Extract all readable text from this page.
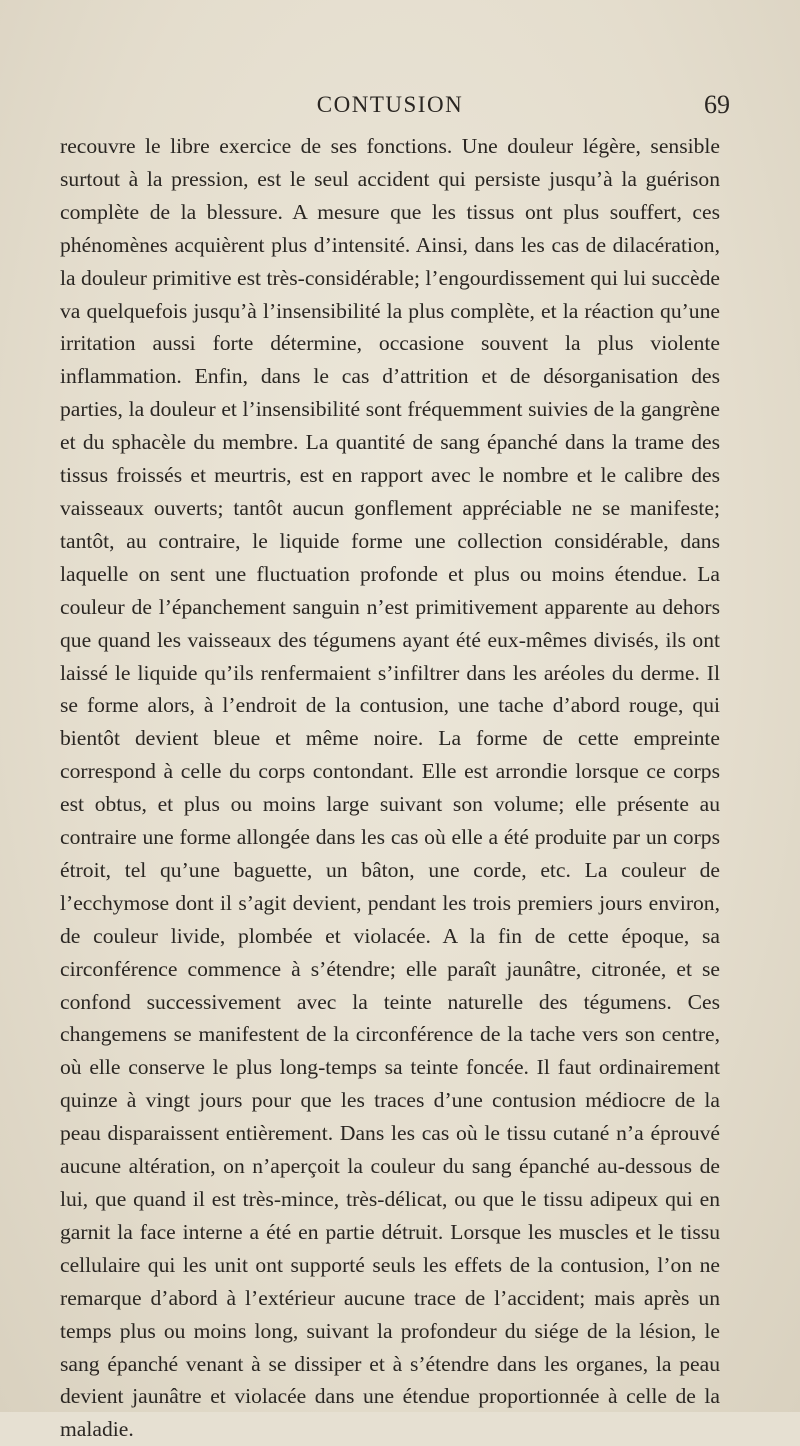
CONTUSION	69

recouvre le libre exercice de ses fonctions. Une douleur légère, sensible surtout à la pression, est le seul accident qui persiste jusqu’à la guérison complète de la blessure. A mesure que les tissus ont plus souffert, ces phénomènes acquièrent plus d’intensité. Ainsi, dans les cas de dilacération, la douleur primitive est très-considérable; l’engourdissement qui lui succède va quelquefois jusqu’à l’insensibilité la plus complète, et la réaction qu’une irritation aussi forte détermine, occasione souvent la plus violente inflammation. Enfin, dans le cas d’attrition et de désorganisation des parties, la douleur et l’insensibilité sont fréquemment suivies de la gangrène et du sphacèle du membre. La quantité de sang épanché dans la trame des tissus froissés et meurtris, est en rapport avec le nombre et le calibre des vaisseaux ouverts; tantôt aucun gonflement appréciable ne se manifeste; tantôt, au contraire, le liquide forme une collection considérable, dans laquelle on sent une fluctuation profonde et plus ou moins étendue. La couleur de l’épanchement sanguin n’est primitivement apparente au dehors que quand les vaisseaux des tégumens ayant été eux-mêmes divisés, ils ont laissé le liquide qu’ils renfermaient s’infiltrer dans les aréoles du derme. Il se forme alors, à l’endroit de la contusion, une tache d’abord rouge, qui bientôt devient bleue et même noire. La forme de cette empreinte correspond à celle du corps contondant. Elle est arrondie lorsque ce corps est obtus, et plus ou moins large suivant son volume; elle présente au contraire une forme allongée dans les cas où elle a été produite par un corps étroit, tel qu’une baguette, un bâton, une corde, etc. La couleur de l’ecchymose dont il s’agit devient, pendant les trois premiers jours environ, de couleur livide, plombée et violacée. A la fin de cette époque, sa circonférence commence à s’étendre; elle paraît jaunâtre, citronée, et se confond successivement avec la teinte naturelle des tégumens. Ces changemens se manifestent de la circonférence de la tache vers son centre, où elle conserve le plus long-temps sa teinte foncée. Il faut ordinairement quinze à vingt jours pour que les traces d’une contusion médiocre de la peau disparaissent entièrement. Dans les cas où le tissu cutané n’a éprouvé aucune altération, on n’aperçoit la couleur du sang épanché au-dessous de lui, que quand il est très-mince, très-délicat, ou que le tissu adipeux qui en garnit la face interne a été en partie détruit. Lorsque les muscles et le tissu cellulaire qui les unit ont supporté seuls les effets de la contusion, l’on ne remarque d’abord à l’extérieur aucune trace de l’accident; mais après un temps plus ou moins long, suivant la profondeur du siége de la lésion, le sang épanché venant à se dissiper et à s’étendre dans les organes, la peau devient jaunâtre et violacée dans une étendue proportionnée à celle de la maladie.
